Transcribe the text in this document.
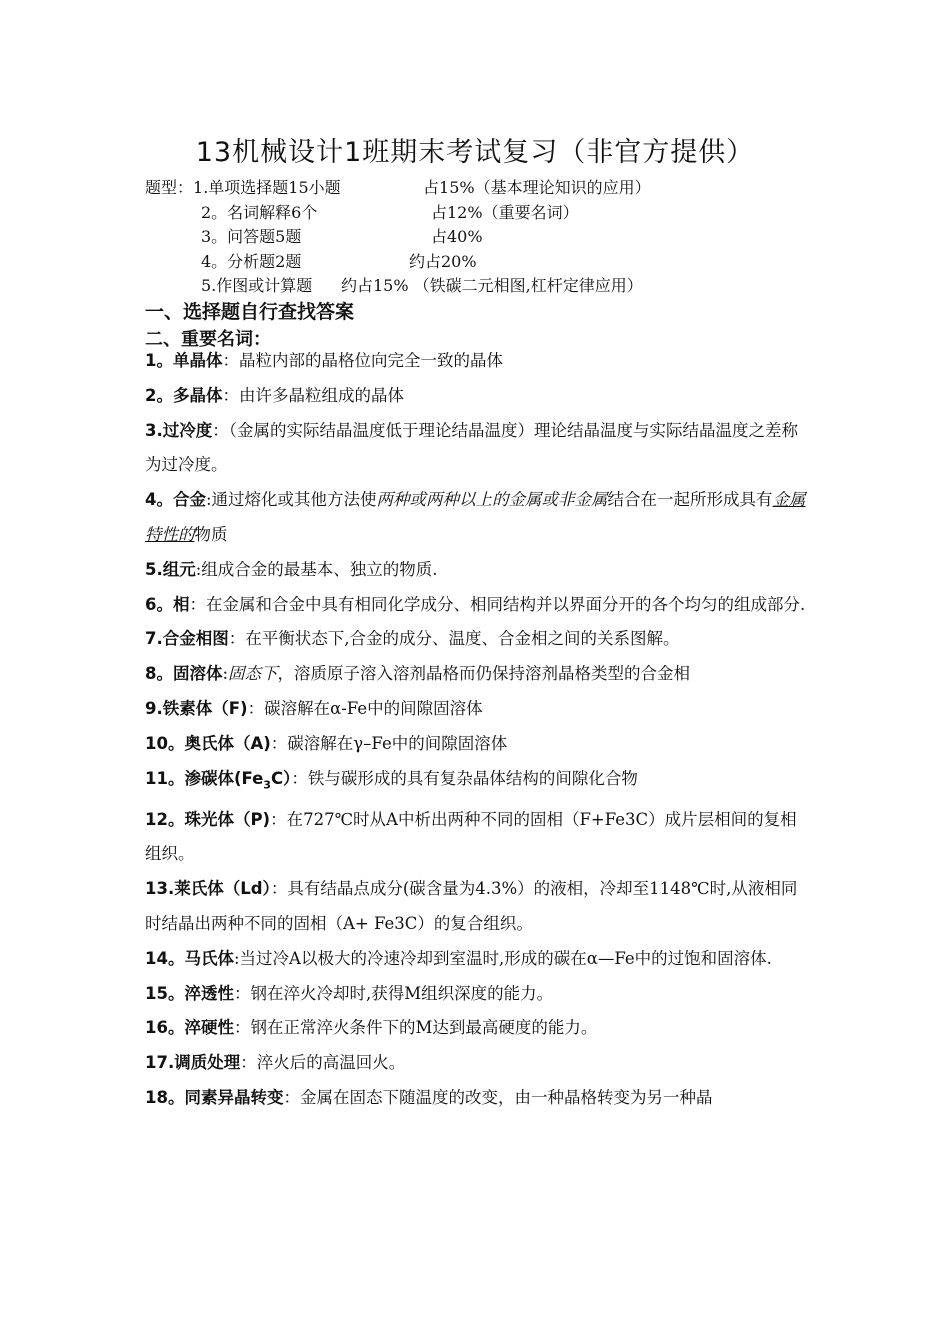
13机械设计1班期末考试复习（非官方提供）
题型：1.单项选择题15小题	占15%（基本理论知识的应用）
2。名词解释6个	占12%（重要名词）
3。问答题5题	占40%
4。分析题2题	约占20%
5.作图或计算题 约占15% （铁碳二元相图,杠杆定律应用）
一、选择题自行查找答案
二、重要名词：

1。单晶体：晶粒内部的晶格位向完全一致的晶体

2。多晶体：由许多晶粒组成的晶体

3.过冷度：（金属的实际结晶温度低于理论结晶温度）理论结晶温度与实际结晶温度之差称为过冷度。

4。合金:通过熔化或其他方法使两种或两种以上的金属或非金属结合在一起所形成具有金属特性的物质

5.组元:组成合金的最基本、独立的物质.

6。相：在金属和合金中具有相同化学成分、相同结构并以界面分开的各个均匀的组成部分.

7.合金相图：在平衡状态下,合金的成分、温度、合金相之间的关系图解。

8。固溶体:固态下，溶质原子溶入溶剂晶格而仍保持溶剂晶格类型的合金相

9.铁素体（F)：碳溶解在α-Fe中的间隙固溶体

10。奥氏体（A)：碳溶解在γ–Fe中的间隙固溶体

11。渗碳体$(Fe_3C)$：铁与碳形成的具有复杂晶体结构的间隙化合物

12。珠光体（P)：在727℃时从A中析出两种不同的固相（F+Fe3C）成片层相间的复相组织。

13.莱氏体（Ld）：具有结晶点成分(碳含量为4.3%）的液相，冷却至1148℃时,从液相同时结晶出两种不同的固相（A+ Fe3C）的复合组织。

14。马氏体:当过冷A以极大的冷速冷却到室温时,形成的碳在α—Fe中的过饱和固溶体.

15。淬透性：钢在淬火冷却时,获得M组织深度的能力。

16。淬硬性：钢在正常淬火条件下的M达到最高硬度的能力。

17.调质处理：淬火后的高温回火。

18。同素异晶转变：金属在固态下随温度的改变，由一种晶格转变为另一种晶
